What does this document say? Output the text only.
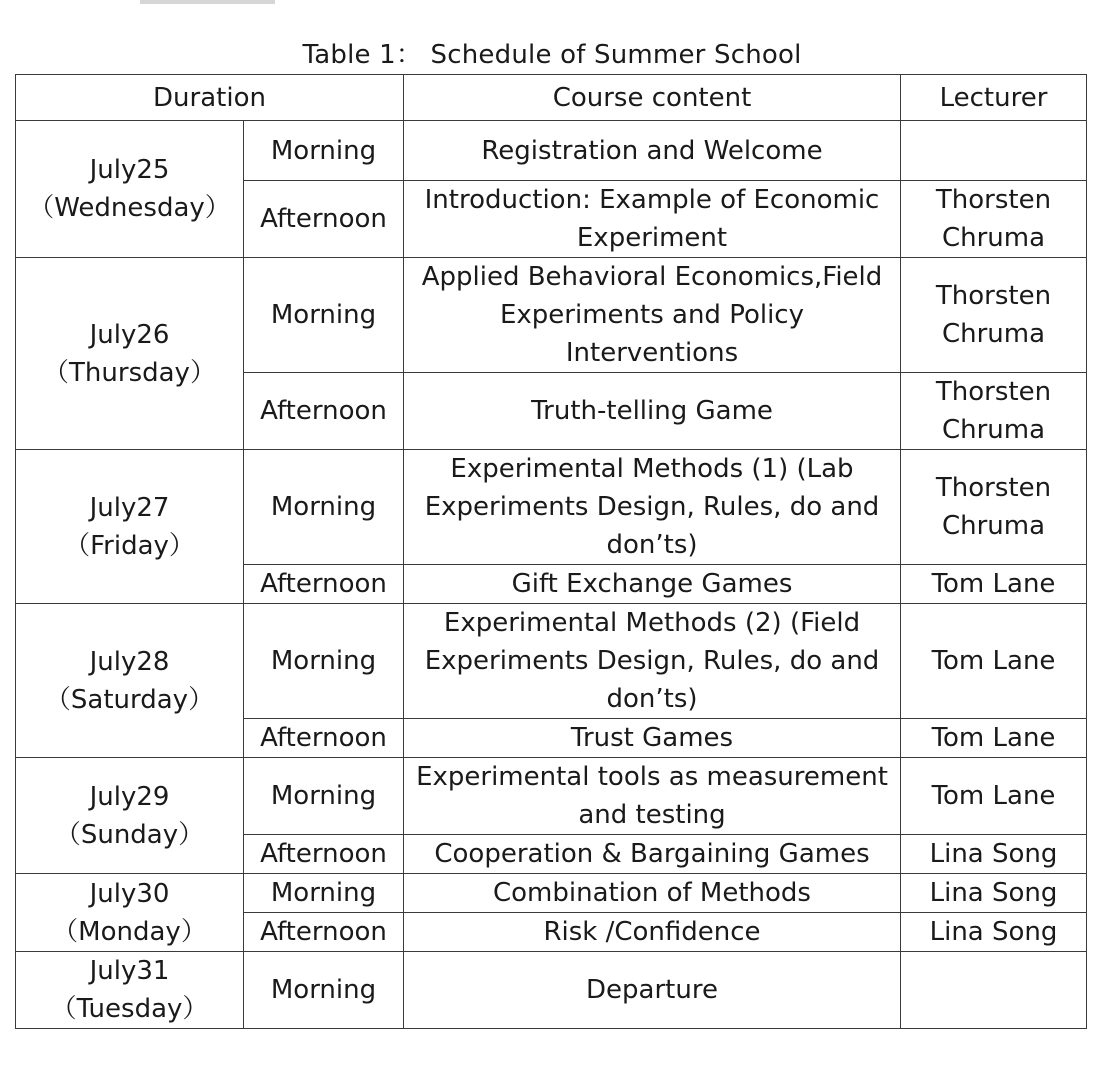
Table 1： Schedule of Summer School
Duration		Course content	Lecturer

July25
（Wednesday）	Morning	Registration and Welcome	
	Afternoon	Introduction: Example of Economic Experiment	Thorsten Chruma

July26
（Thursday）	Morning	Applied Behavioral Economics,Field Experiments and Policy Interventions	Thorsten Chruma
	Afternoon	Truth-telling Game	Thorsten Chruma

July27
（Friday）	Morning	Experimental Methods (1) (Lab Experiments Design, Rules, do and don’ts)	Thorsten Chruma
	Afternoon	Gift Exchange Games	Tom Lane

July28
（Saturday）	Morning	Experimental Methods (2) (Field Experiments Design, Rules, do and don’ts)	Tom Lane
	Afternoon	Trust Games	Tom Lane

July29
（Sunday）	Morning	Experimental tools as measurement and testing	Tom Lane
	Afternoon	Cooperation & Bargaining Games	Lina Song

July30
（Monday）	Morning	Combination of Methods	Lina Song
	Afternoon	Risk /Confidence	Lina Song

July31
（Tuesday）	Morning	Departure	
